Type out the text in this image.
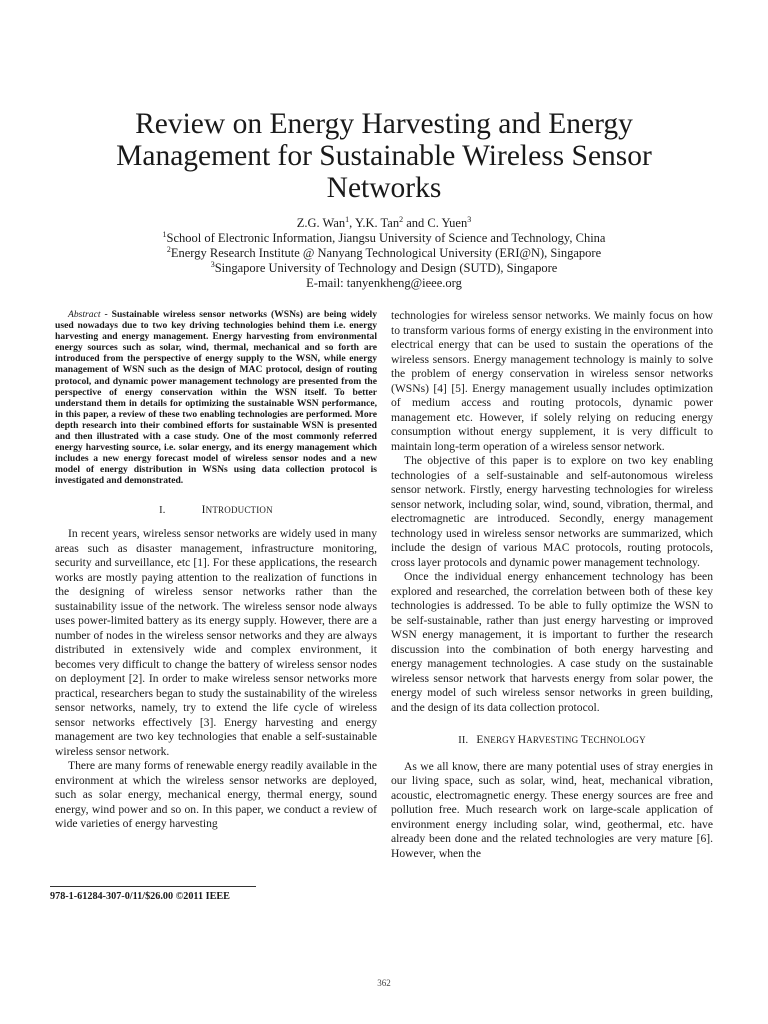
Review on Energy Harvesting and Energy Management for Sustainable Wireless Sensor Networks
Z.G. Wan$^1$, Y.K. Tan$^2$ and C. Yuen$^3$
$^1$School of Electronic Information, Jiangsu University of Science and Technology, China
$^2$Energy Research Institute @ Nanyang Technological University (ERI@N), Singapore
$^3$Singapore University of Technology and Design (SUTD), Singapore
E-mail: tanyenkheng@ieee.org

Abstract - Sustainable wireless sensor networks (WSNs) are being widely used nowadays due to two key driving technologies behind them i.e. energy harvesting and energy management. Energy harvesting from environmental energy sources such as solar, wind, thermal, mechanical and so forth are introduced from the perspective of energy supply to the WSN, while energy management of WSN such as the design of MAC protocol, design of routing protocol, and dynamic power management technology are presented from the perspective of energy conservation within the WSN itself. To better understand them in details for optimizing the sustainable WSN performance, in this paper, a review of these two enabling technologies are performed. More depth research into their combined efforts for sustainable WSN is presented and then illustrated with a case study. One of the most commonly referred energy harvesting source, i.e. solar energy, and its energy management which includes a new energy forecast model of wireless sensor nodes and a new model of energy distribution in WSNs using data collection protocol is investigated and demonstrated.

I.	INTRODUCTION

In recent years, wireless sensor networks are widely used in many areas such as disaster management, infrastructure monitoring, security and surveillance, etc [1]. For these applications, the research works are mostly paying attention to the realization of functions in the designing of wireless sensor networks rather than the sustainability issue of the network. The wireless sensor node always uses power-limited battery as its energy supply. However, there are a number of nodes in the wireless sensor networks and they are always distributed in extensively wide and complex environment, it becomes very difficult to change the battery of wireless sensor nodes on deployment [2]. In order to make wireless sensor networks more practical, researchers began to study the sustainability of the wireless sensor networks, namely, try to extend the life cycle of wireless sensor networks effectively [3]. Energy harvesting and energy management are two key technologies that enable a self-sustainable wireless sensor network.

There are many forms of renewable energy readily available in the environment at which the wireless sensor networks are deployed, such as solar energy, mechanical energy, thermal energy, sound energy, wind power and so on. In this paper, we conduct a review of wide varieties of energy harvesting

technologies for wireless sensor networks. We mainly focus on how to transform various forms of energy existing in the environment into electrical energy that can be used to sustain the operations of the wireless sensors. Energy management technology is mainly to solve the problem of energy conservation in wireless sensor networks (WSNs) [4] [5]. Energy management usually includes optimization of medium access and routing protocols, dynamic power management etc. However, if solely relying on reducing energy consumption without energy supplement, it is very difficult to maintain long-term operation of a wireless sensor network.

The objective of this paper is to explore on two key enabling technologies of a self-sustainable and self-autonomous wireless sensor network. Firstly, energy harvesting technologies for wireless sensor network, including solar, wind, sound, vibration, thermal, and electromagnetic are introduced. Secondly, energy management technology used in wireless sensor networks are summarized, which include the design of various MAC protocols, routing protocols, cross layer protocols and dynamic power management technology.

Once the individual energy enhancement technology has been explored and researched, the correlation between both of these key technologies is addressed. To be able to fully optimize the WSN to be self-sustainable, rather than just energy harvesting or improved WSN energy management, it is important to further the research discussion into the combination of both energy harvesting and energy management technologies. A case study on the sustainable wireless sensor network that harvests energy from solar power, the energy model of such wireless sensor networks in green building, and the design of its data collection protocol.

II. ENERGY HARVESTING TECHNOLOGY

As we all know, there are many potential uses of stray energies in our living space, such as solar, wind, heat, mechanical vibration, acoustic, electromagnetic energy. These energy sources are free and pollution free. Much research work on large-scale application of environment energy including solar, wind, geothermal, etc. have already been done and the related technologies are very mature [6]. However, when the

978-1-61284-307-0/11/$26.00 ©2011 IEEE
362
